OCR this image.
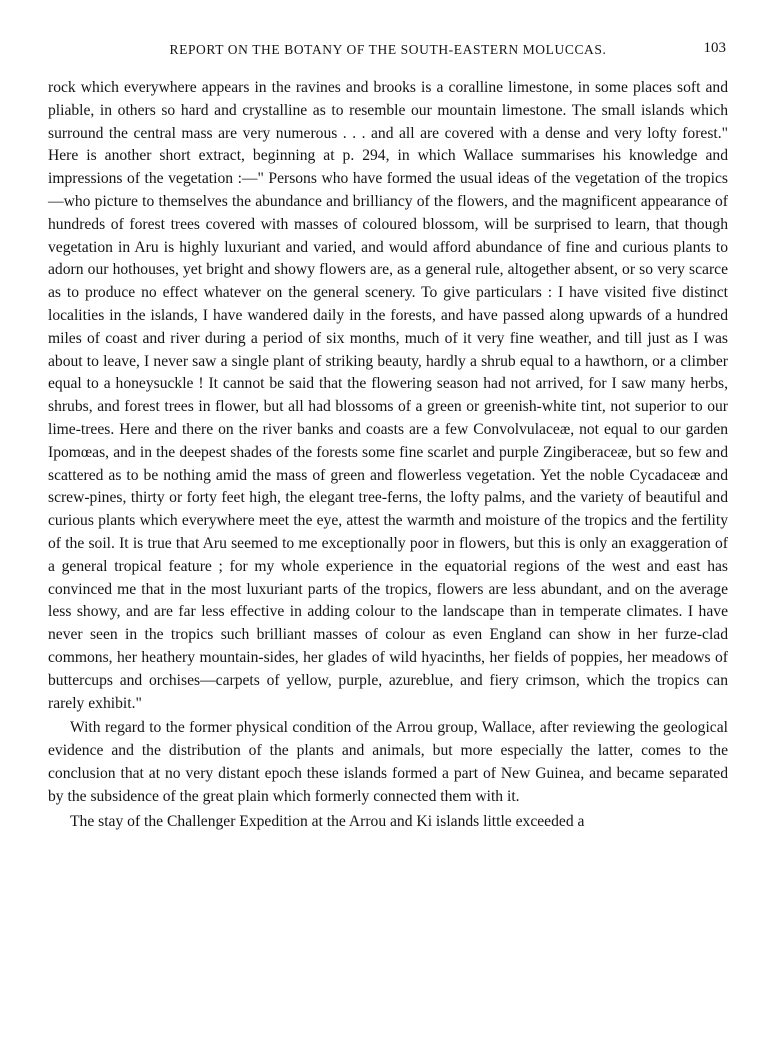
REPORT ON THE BOTANY OF THE SOUTH-EASTERN MOLUCCAS.	103

rock which everywhere appears in the ravines and brooks is a coralline limestone, in some places soft and pliable, in others so hard and crystalline as to resemble our mountain limestone. The small islands which surround the central mass are very numerous . . . and all are covered with a dense and very lofty forest." Here is another short extract, beginning at p. 294, in which Wallace summarises his knowledge and impressions of the vegetation :—" Persons who have formed the usual ideas of the vegetation of the tropics—who picture to themselves the abundance and brilliancy of the flowers, and the magnificent appearance of hundreds of forest trees covered with masses of coloured blossom, will be surprised to learn, that though vegetation in Aru is highly luxuriant and varied, and would afford abundance of fine and curious plants to adorn our hothouses, yet bright and showy flowers are, as a general rule, altogether absent, or so very scarce as to produce no effect whatever on the general scenery. To give particulars : I have visited five distinct localities in the islands, I have wandered daily in the forests, and have passed along upwards of a hundred miles of coast and river during a period of six months, much of it very fine weather, and till just as I was about to leave, I never saw a single plant of striking beauty, hardly a shrub equal to a hawthorn, or a climber equal to a honeysuckle ! It cannot be said that the flowering season had not arrived, for I saw many herbs, shrubs, and forest trees in flower, but all had blossoms of a green or greenish-white tint, not superior to our lime-trees. Here and there on the river banks and coasts are a few Convolvulaceæ, not equal to our garden Ipomœas, and in the deepest shades of the forests some fine scarlet and purple Zingiberaceæ, but so few and scattered as to be nothing amid the mass of green and flowerless vegetation. Yet the noble Cycadaceæ and screw-pines, thirty or forty feet high, the elegant tree-ferns, the lofty palms, and the variety of beautiful and curious plants which everywhere meet the eye, attest the warmth and moisture of the tropics and the fertility of the soil. It is true that Aru seemed to me exceptionally poor in flowers, but this is only an exaggeration of a general tropical feature ; for my whole experience in the equatorial regions of the west and east has convinced me that in the most luxuriant parts of the tropics, flowers are less abundant, and on the average less showy, and are far less effective in adding colour to the landscape than in temperate climates. I have never seen in the tropics such brilliant masses of colour as even England can show in her furze-clad commons, her heathery mountain-sides, her glades of wild hyacinths, her fields of poppies, her meadows of buttercups and orchises—carpets of yellow, purple, azureblue, and fiery crimson, which the tropics can rarely exhibit."

With regard to the former physical condition of the Arrou group, Wallace, after reviewing the geological evidence and the distribution of the plants and animals, but more especially the latter, comes to the conclusion that at no very distant epoch these islands formed a part of New Guinea, and became separated by the subsidence of the great plain which formerly connected them with it.

The stay of the Challenger Expedition at the Arrou and Ki islands little exceeded a
